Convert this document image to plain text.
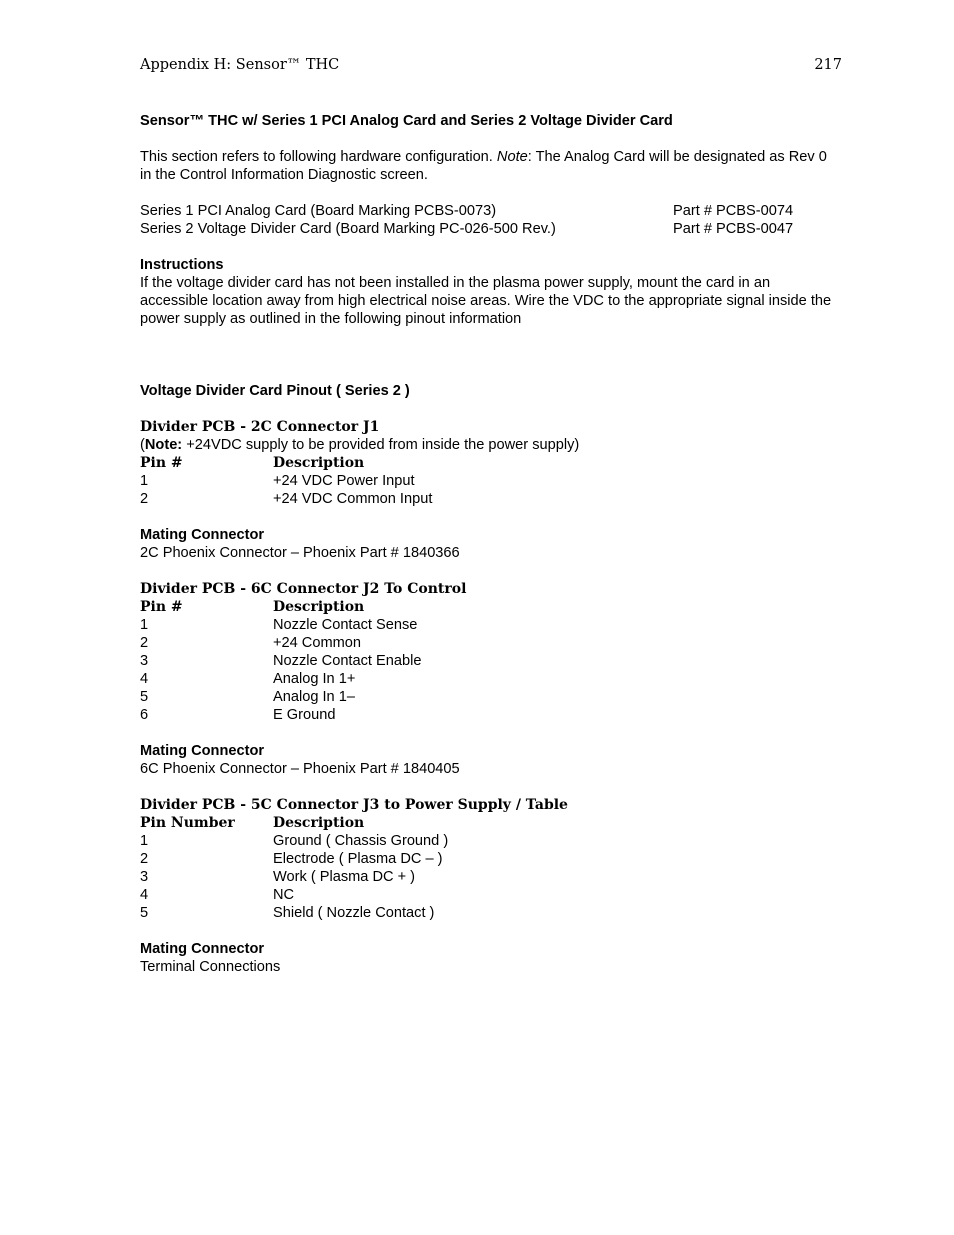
Appendix H: Sensor™ THC	217

Sensor™ THC w/ Series 1 PCI Analog Card and Series 2 Voltage Divider Card

This section refers to following hardware configuration. Note: The Analog Card will be designated as Rev 0 in the Control Information Diagnostic screen.

Series 1 PCI Analog Card (Board Marking PCBS-0073)	Part # PCBS-0074
Series 2 Voltage Divider Card (Board Marking PC-026-500 Rev.)	Part # PCBS-0047

Instructions

If the voltage divider card has not been installed in the plasma power supply, mount the card in an accessible location away from high electrical noise areas. Wire the VDC to the appropriate signal inside the power supply as outlined in the following pinout information

Voltage Divider Card Pinout ( Series 2 )

Divider PCB - 2C Connector J1

(Note: +24VDC supply to be provided from inside the power supply)

Pin #	Description
1	+24 VDC Power Input
2	+24 VDC Common Input

Mating Connector

2C Phoenix Connector – Phoenix Part # 1840366

Divider PCB - 6C Connector J2 To Control

Pin #	Description
1	Nozzle Contact Sense
2	+24 Common
3	Nozzle Contact Enable
4	Analog In 1+
5	Analog In 1–
6	E Ground

Mating Connector

6C Phoenix Connector – Phoenix Part # 1840405

Divider PCB - 5C Connector J3 to Power Supply / Table

Pin Number	Description
1	Ground ( Chassis Ground )
2	Electrode ( Plasma DC – )
3	Work ( Plasma DC + )
4	NC
5	Shield ( Nozzle Contact )

Mating Connector

Terminal Connections
